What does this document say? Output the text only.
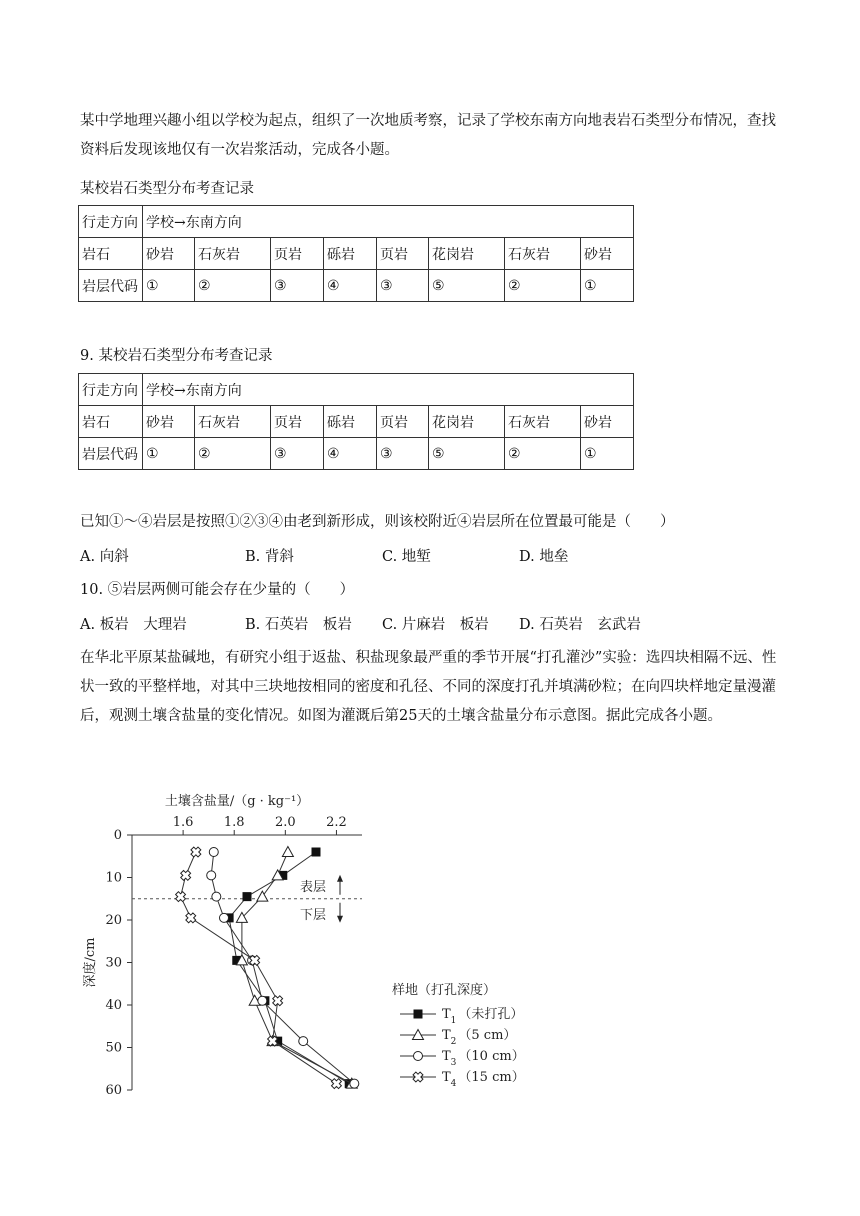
某中学地理兴趣小组以学校为起点，组织了一次地质考察，记录了学校东南方向地表岩石类型分布情况，查找资料后发现该地仅有一次岩浆活动，完成各小题。

某校岩石类型分布考查记录

行走方向	学校→东南方向							
岩石	砂岩	石灰岩	页岩	砾岩	页岩	花岗岩	石灰岩	砂岩
岩层代码	①	②	③	④	③	⑤	②	①

9. 某校岩石类型分布考查记录

行走方向	学校→东南方向							
岩石	砂岩	石灰岩	页岩	砾岩	页岩	花岗岩	石灰岩	砂岩
岩层代码	①	②	③	④	③	⑤	②	①

已知①～④岩层是按照①②③④由老到新形成，则该校附近④岩层所在位置最可能是（　　）

A. 向斜	B. 背斜	C. 地堑	D. 地垒

10. ⑤岩层两侧可能会存在少量的（　　）

A. 板岩　大理岩	B. 石英岩　板岩 C. 片麻岩　板岩 D. 石英岩　玄武岩

在华北平原某盐碱地，有研究小组于返盐、积盐现象最严重的季节开展“打孔灌沙”实验：选四块相隔不远、性状一致的平整样地，对其中三块地按相同的密度和孔径、不同的深度打孔并填满砂粒；在向四块样地定量漫灌后，观测土壤含盐量的变化情况。如图为灌溉后第25天的土壤含盐量分布示意图。据此完成各小题。

1.6 1.8 2.0 2.2
0
10
20
30
40
50
60
土壤含盐量/（g · kg⁻¹）
深度/cm
表层
下层
样地（打孔深度）
$T_1$ （未打孔）
$T_2$ （5 cm）
$T_3$ （10 cm）
$T_4$ （15 cm）
